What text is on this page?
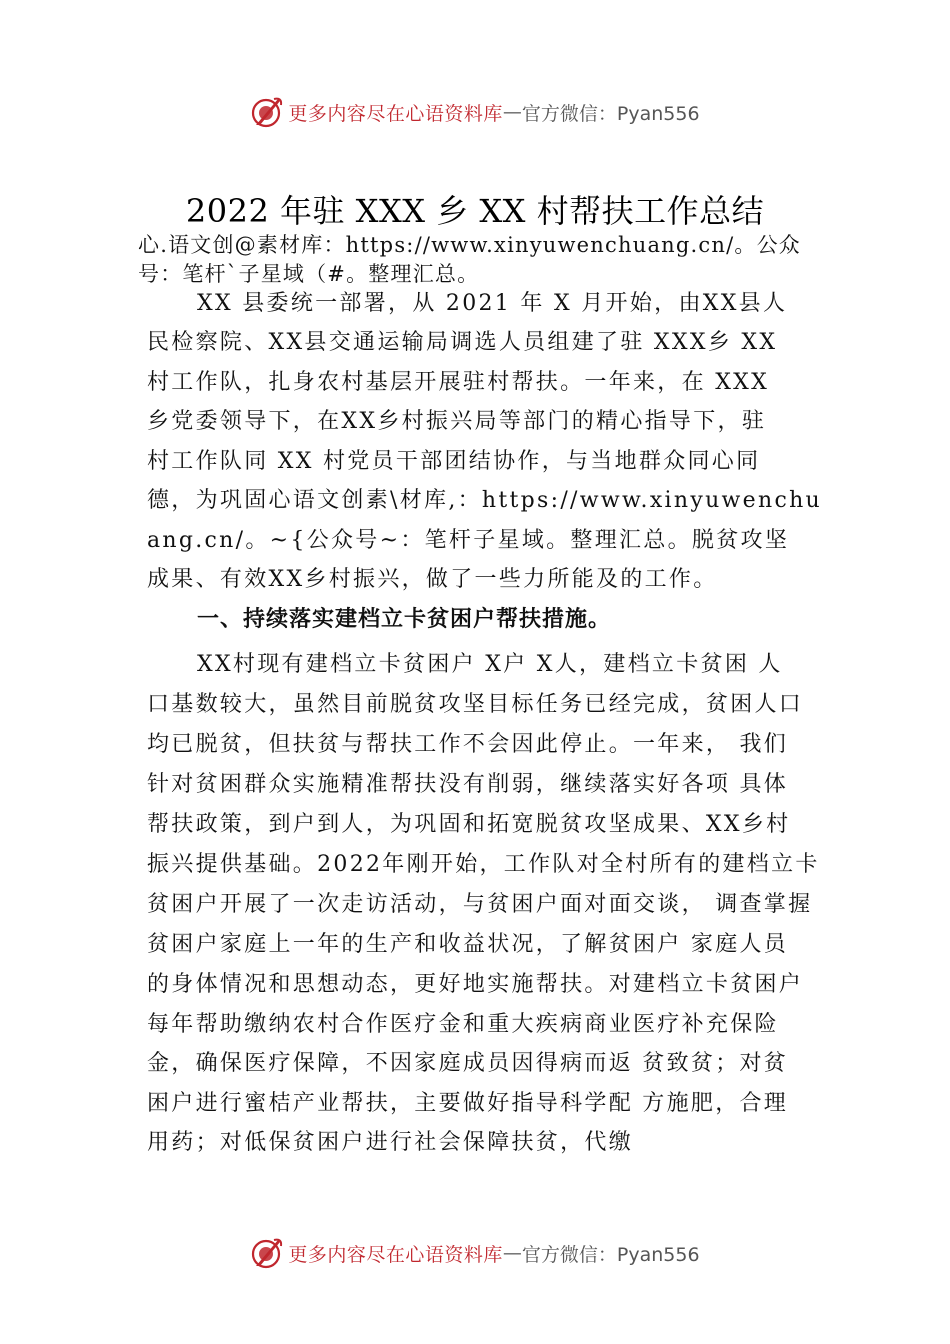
更多内容尽在心语资料库 — 官方微信：Pyan556
2022 年驻 XXX 乡 XX 村帮扶工作总结
心.语文创@素材库：https://www.xinyuwenchuang.cn/。公众
号：笔杆`子星域（#。整理汇总。
XX 县委统一部署，从 2021 年 X 月开始，由XX县人
民检察院、XX县交通运输局调选人员组建了驻 XXX乡 XX
村工作队，扎身农村基层开展驻村帮扶。一年来，在 XXX
乡党委领导下，在XX乡村振兴局等部门的精心指导下，驻
村工作队同 XX 村党员干部团结协作，与当地群众同心同
德，为巩固心语文创素\材库,：https://www.xinyuwenchu
ang.cn/。~{公众号~：笔杆子星域。整理汇总。脱贫攻坚
成果、有效XX乡村振兴，做了一些力所能及的工作。
一、持续落实建档立卡贫困户帮扶措施。
XX村现有建档立卡贫困户 X户 X人，建档立卡贫困 人
口基数较大，虽然目前脱贫攻坚目标任务已经完成，贫困人口
均已脱贫，但扶贫与帮扶工作不会因此停止。一年来， 我们
针对贫困群众实施精准帮扶没有削弱，继续落实好各项 具体
帮扶政策，到户到人，为巩固和拓宽脱贫攻坚成果、XX乡村
振兴提供基础。2022年刚开始，工作队对全村所有的建档立卡
贫困户开展了一次走访活动，与贫困户面对面交谈， 调查掌握
贫困户家庭上一年的生产和收益状况，了解贫困户 家庭人员
的身体情况和思想动态，更好地实施帮扶。对建档立卡贫困户
每年帮助缴纳农村合作医疗金和重大疾病商业医疗补充保险
金，确保医疗保障，不因家庭成员因得病而返 贫致贫；对贫
困户进行蜜桔产业帮扶，主要做好指导科学配 方施肥，合理
用药；对低保贫困户进行社会保障扶贫，代缴
更多内容尽在心语资料库 — 官方微信：Pyan556
